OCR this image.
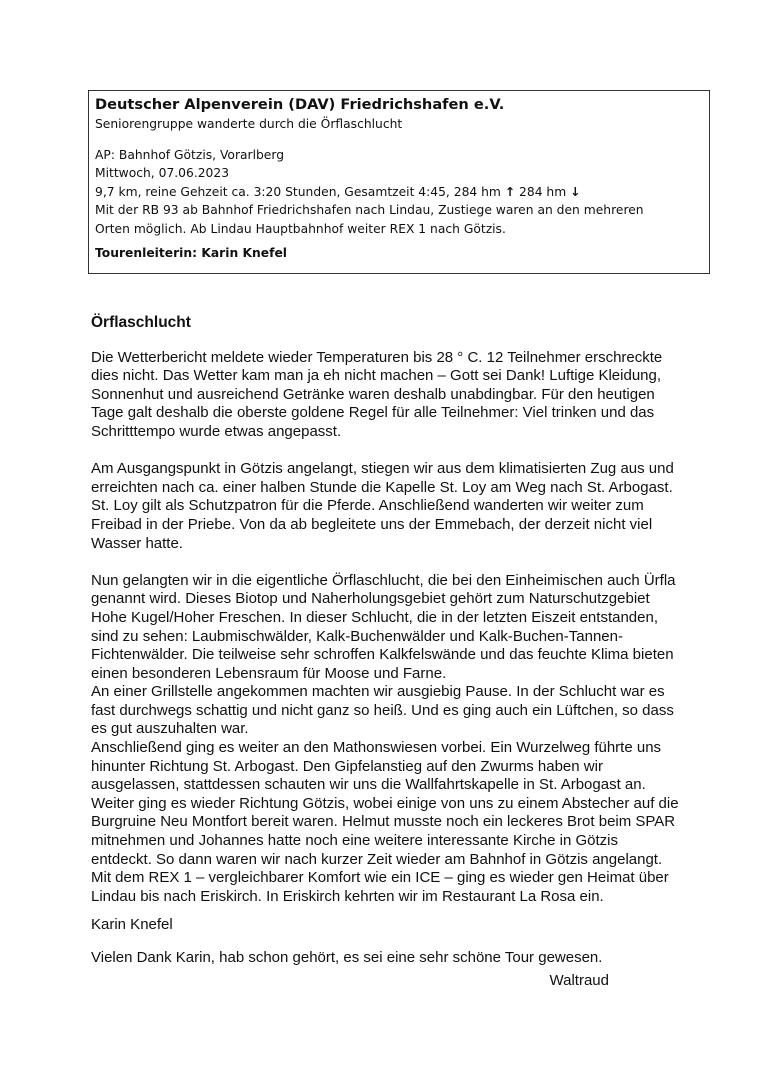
Deutscher Alpenverein (DAV) Friedrichshafen e.V.
Seniorengruppe wanderte durch die Örflaschlucht
AP: Bahnhof Götzis, Vorarlberg
Mittwoch, 07.06.2023
9,7 km, reine Gehzeit ca. 3:20 Stunden, Gesamtzeit 4:45, 284 hm ↑ 284 hm ↓
Mit der RB 93 ab Bahnhof Friedrichshafen nach Lindau, Zustiege waren an den mehreren
Orten möglich. Ab Lindau Hauptbahnhof weiter REX 1 nach Götzis.
Tourenleiterin: Karin Knefel
Örflaschlucht

Die Wetterbericht meldete wieder Temperaturen bis 28 ° C. 12 Teilnehmer erschreckte dies nicht. Das Wetter kam man ja eh nicht machen – Gott sei Dank! Luftige Kleidung, Sonnenhut und ausreichend Getränke waren deshalb unabdingbar. Für den heutigen Tage galt deshalb die oberste goldene Regel für alle Teilnehmer: Viel trinken und das Schritttempo wurde etwas angepasst.

Am Ausgangspunkt in Götzis angelangt, stiegen wir aus dem klimatisierten Zug aus und erreichten nach ca. einer halben Stunde die Kapelle St. Loy am Weg nach St. Arbogast. St. Loy gilt als Schutzpatron für die Pferde. Anschließend wanderten wir weiter zum Freibad in der Priebe. Von da ab begleitete uns der Emmebach, der derzeit nicht viel Wasser hatte.

Nun gelangten wir in die eigentliche Örflaschlucht, die bei den Einheimischen auch Ürfla genannt wird. Dieses Biotop und Naherholungsgebiet gehört zum Naturschutzgebiet Hohe Kugel/Hoher Freschen. In dieser Schlucht, die in der letzten Eiszeit entstanden, sind zu sehen: Laubmischwälder, Kalk-Buchenwälder und Kalk-Buchen-Tannen-Fichtenwälder. Die teilweise sehr schroffen Kalkfelswände und das feuchte Klima bieten einen besonderen Lebensraum für Moose und Farne.

An einer Grillstelle angekommen machten wir ausgiebig Pause. In der Schlucht war es fast durchwegs schattig und nicht ganz so heiß. Und es ging auch ein Lüftchen, so dass es gut auszuhalten war.

Anschließend ging es weiter an den Mathonswiesen vorbei. Ein Wurzelweg führte uns hinunter Richtung St. Arbogast. Den Gipfelanstieg auf den Zwurms haben wir ausgelassen, stattdessen schauten wir uns die Wallfahrtskapelle in St. Arbogast an. Weiter ging es wieder Richtung Götzis, wobei einige von uns zu einem Abstecher auf die Burgruine Neu Montfort bereit waren. Helmut musste noch ein leckeres Brot beim SPAR mitnehmen und Johannes hatte noch eine weitere interessante Kirche in Götzis entdeckt. So dann waren wir nach kurzer Zeit wieder am Bahnhof in Götzis angelangt.

Mit dem REX 1 – vergleichbarer Komfort wie ein ICE – ging es wieder gen Heimat über Lindau bis nach Eriskirch. In Eriskirch kehrten wir im Restaurant La Rosa ein.

Karin Knefel

Vielen Dank Karin, hab schon gehört, es sei eine sehr schöne Tour gewesen.

Waltraud
